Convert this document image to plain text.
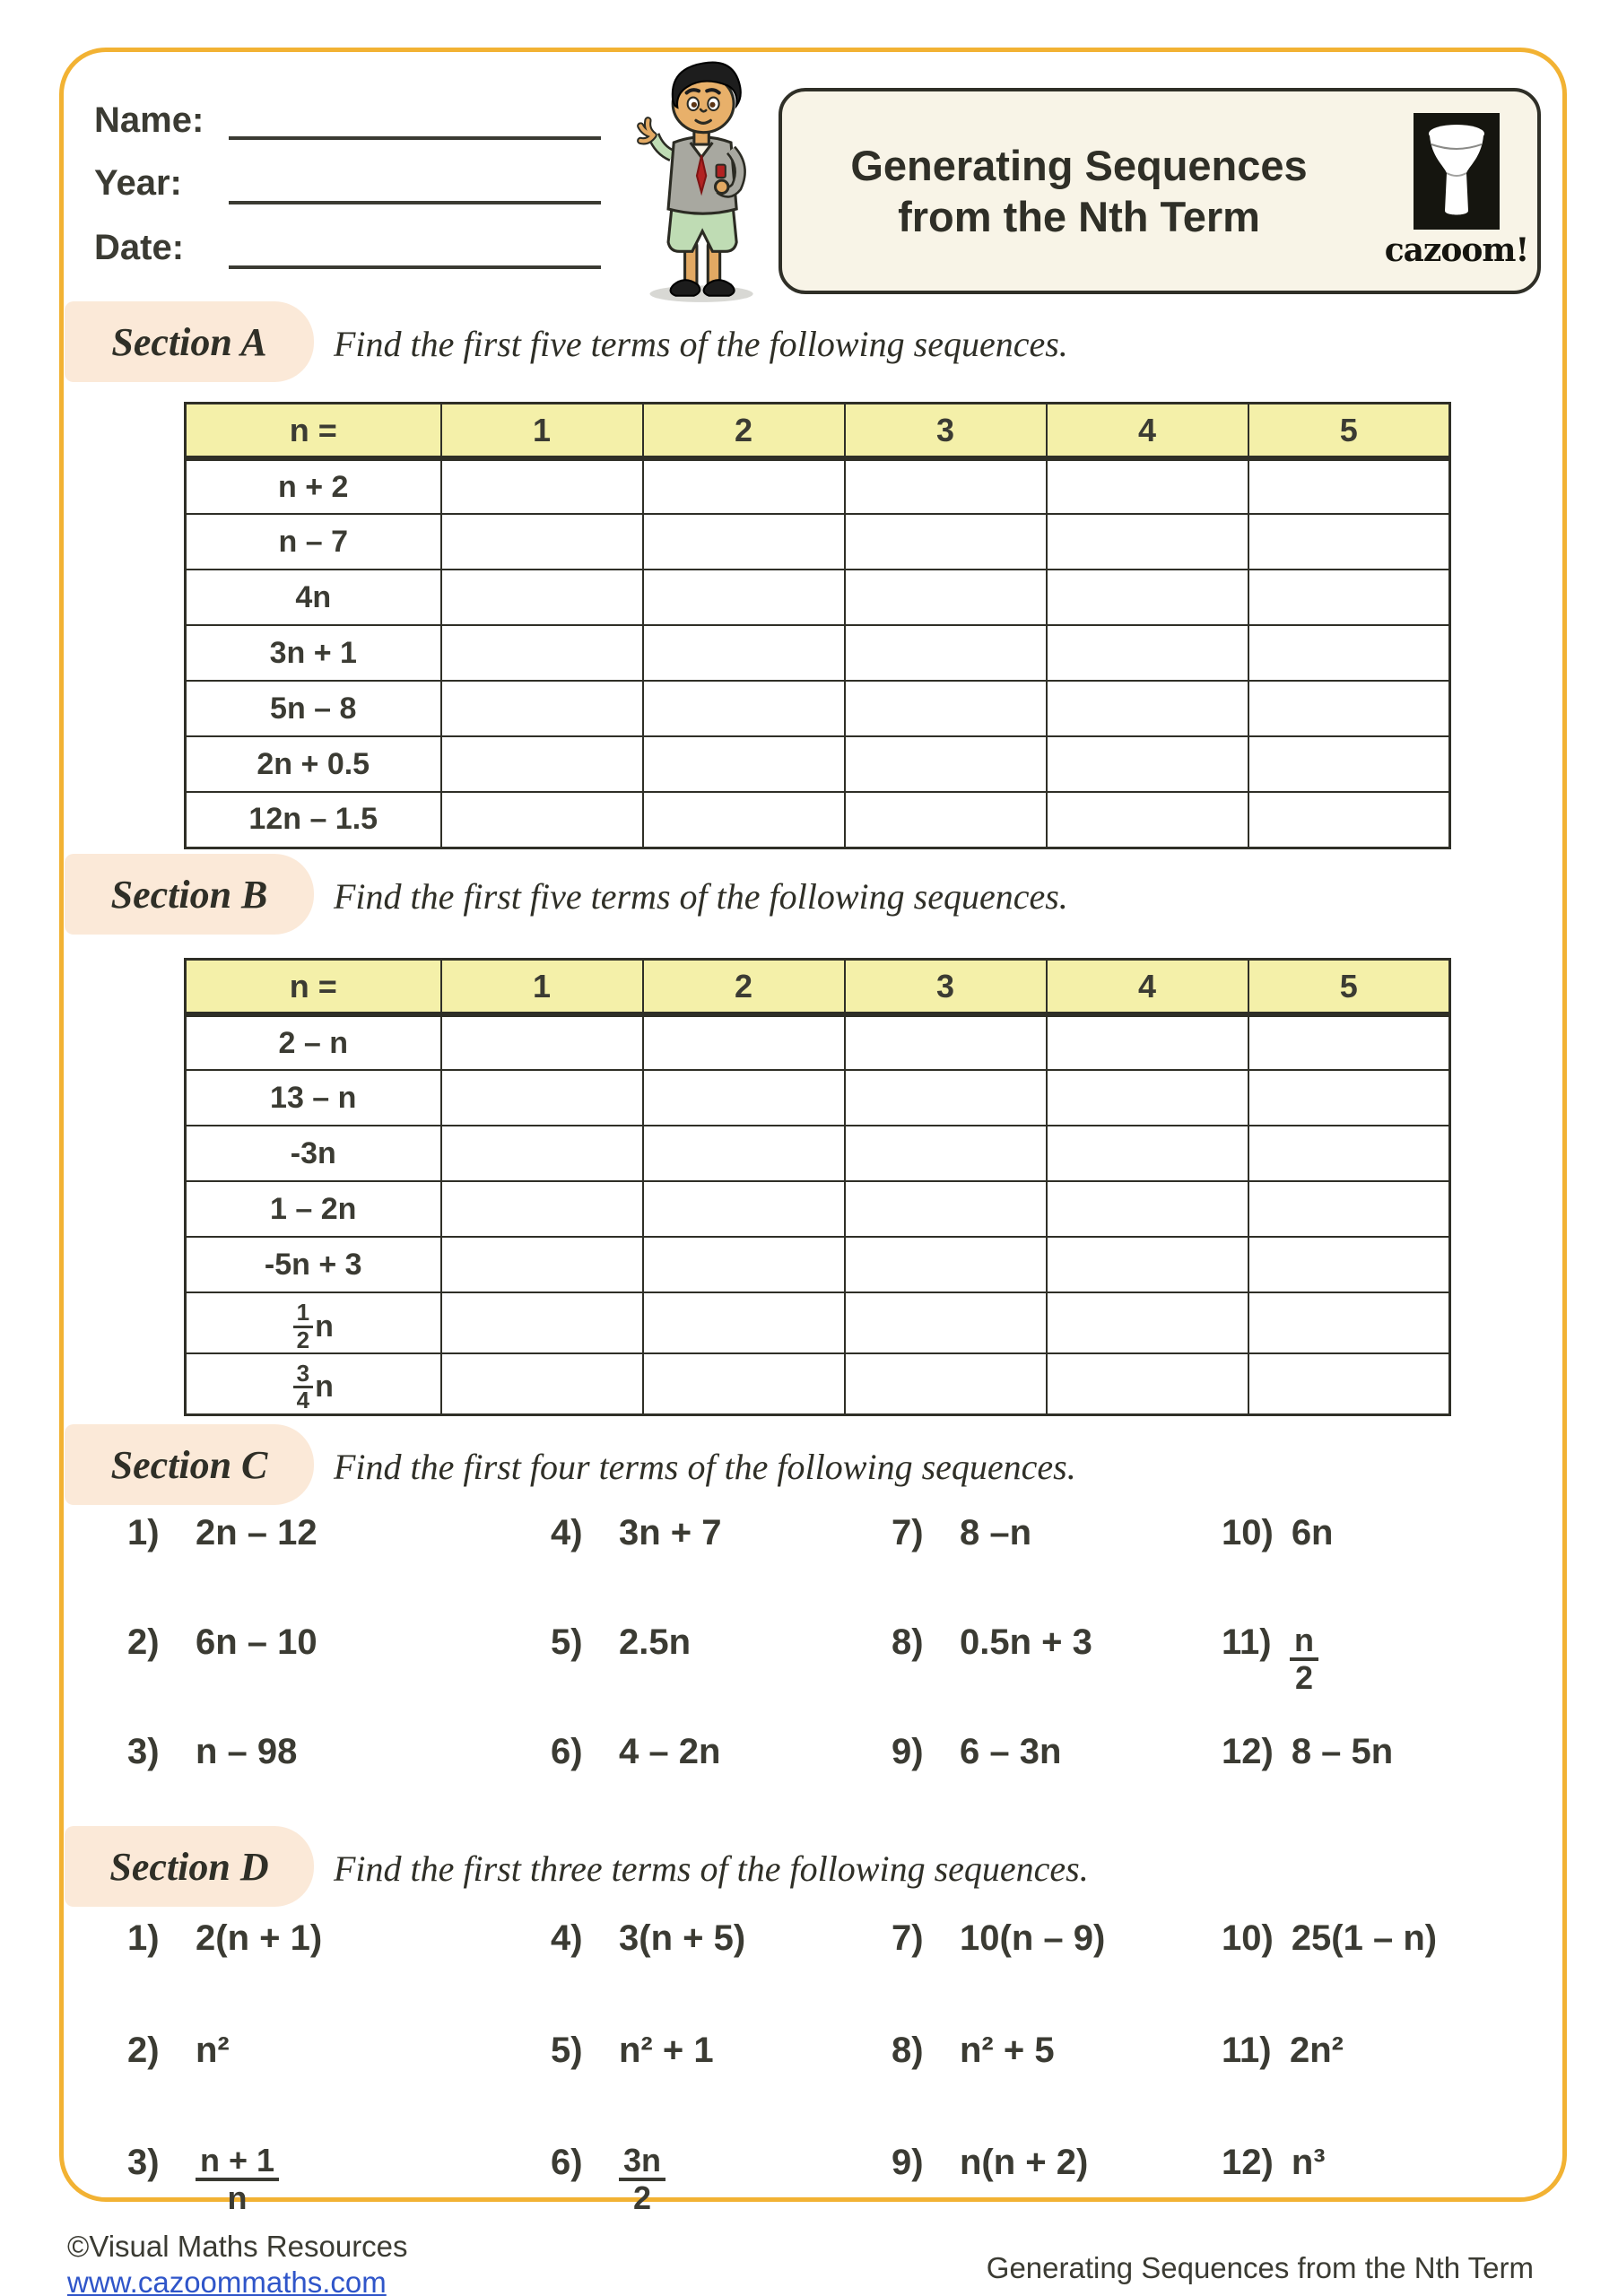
Name:
Year:
Date:
Generating Sequences
from the Nth Term
cazoom!
Section A Find the first five terms of the following sequences.
n =	1	2	3	4	5
n + 2					
n – 7					
4n					
3n + 1					
5n – 8					
2n + 0.5					
12n – 1.5					
Section B Find the first five terms of the following sequences.
n =	1	2	3	4	5
2 – n					
13 – n					
-3n					
1 – 2n					
-5n + 3					

$\frac{1}{2}$ n					

$\frac{3}{4}$ n					

Section C Find the first four terms of the following sequences.
1)	2n – 12	4)	3n + 7	7)	8 –n	10) 6n
2)	6n – 10	5)	2.5n	8)	0.5n + 3	$11) \frac{n}{2}$
3)	n – 98	6)	4 – 2n	9)	6 – 3n	12) 8 – 5n
Section D Find the first three terms of the following sequences.
1)	2(n + 1)	4)	3(n + 5)	7)	10(n – 9)	10) 25(1 – n)
2)	n²	5)	n² + 1	8)	n² + 5	11) 2n²
3)	$\frac{n + 1}{n}$	6)	$\frac{3n}{2}$	9)	n(n + 2)	12) n³
©Visual Maths Resources
www.cazoommaths.com	Generating Sequences from the Nth Term
